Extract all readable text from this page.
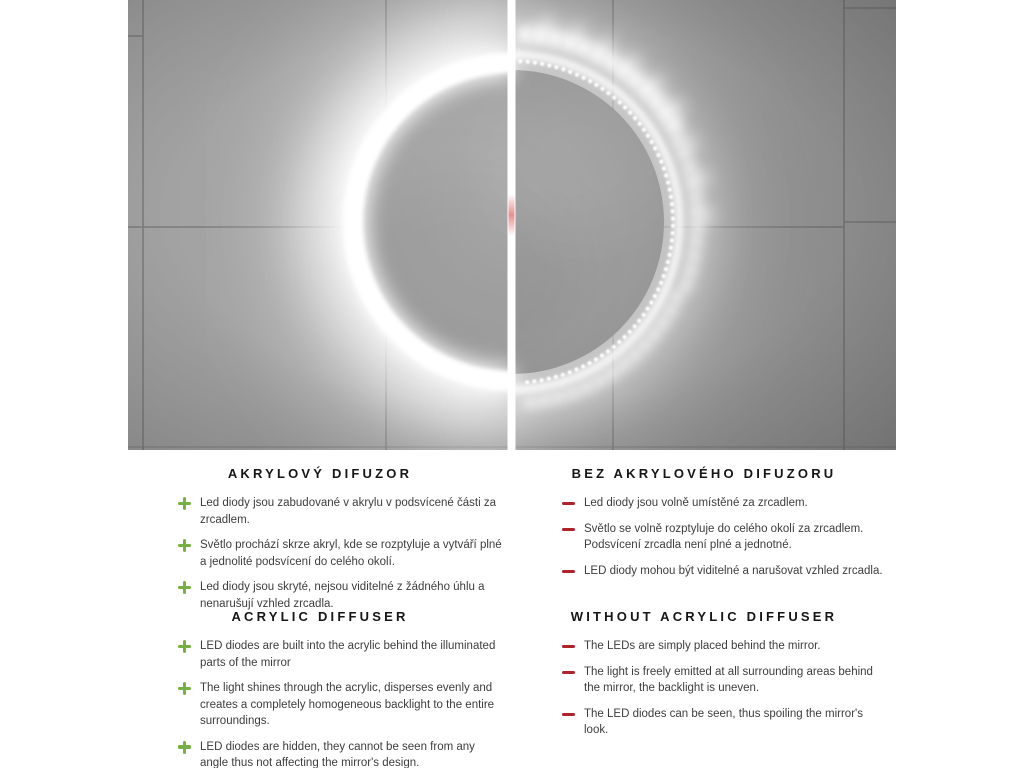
AKRYLOVÝ DIFUZOR

Led diody jsou zabudované v akrylu v podsvícené části za zrcadlem.

Světlo prochází skrze akryl, kde se rozptyluje a vytváří plné a jednolité podsvícení do celého okolí.

Led diody jsou skryté, nejsou viditelné z žádného úhlu a nenarušují vzhled zrcadla.

ACRYLIC DIFFUSER

LED diodes are built into the acrylic behind the illuminated parts of the mirror

The light shines through the acrylic, disperses evenly and creates a completely homogeneous backlight to the entire surroundings.

LED diodes are hidden, they cannot be seen from any angle thus not affecting the mirror's design.

BEZ AKRYLOVÉHO DIFUZORU

Led diody jsou volně umístěné za zrcadlem.

Světlo se volně rozptyluje do celého okolí za zrcadlem. Podsvícení zrcadla není plné a jednotné.

LED diody mohou být viditelné a narušovat vzhled zrcadla.

WITHOUT ACRYLIC DIFFUSER

The LEDs are simply placed behind the mirror.

The light is freely emitted at all surrounding areas behind the mirror, the backlight is uneven.

The LED diodes can be seen, thus spoiling the mirror's look.
